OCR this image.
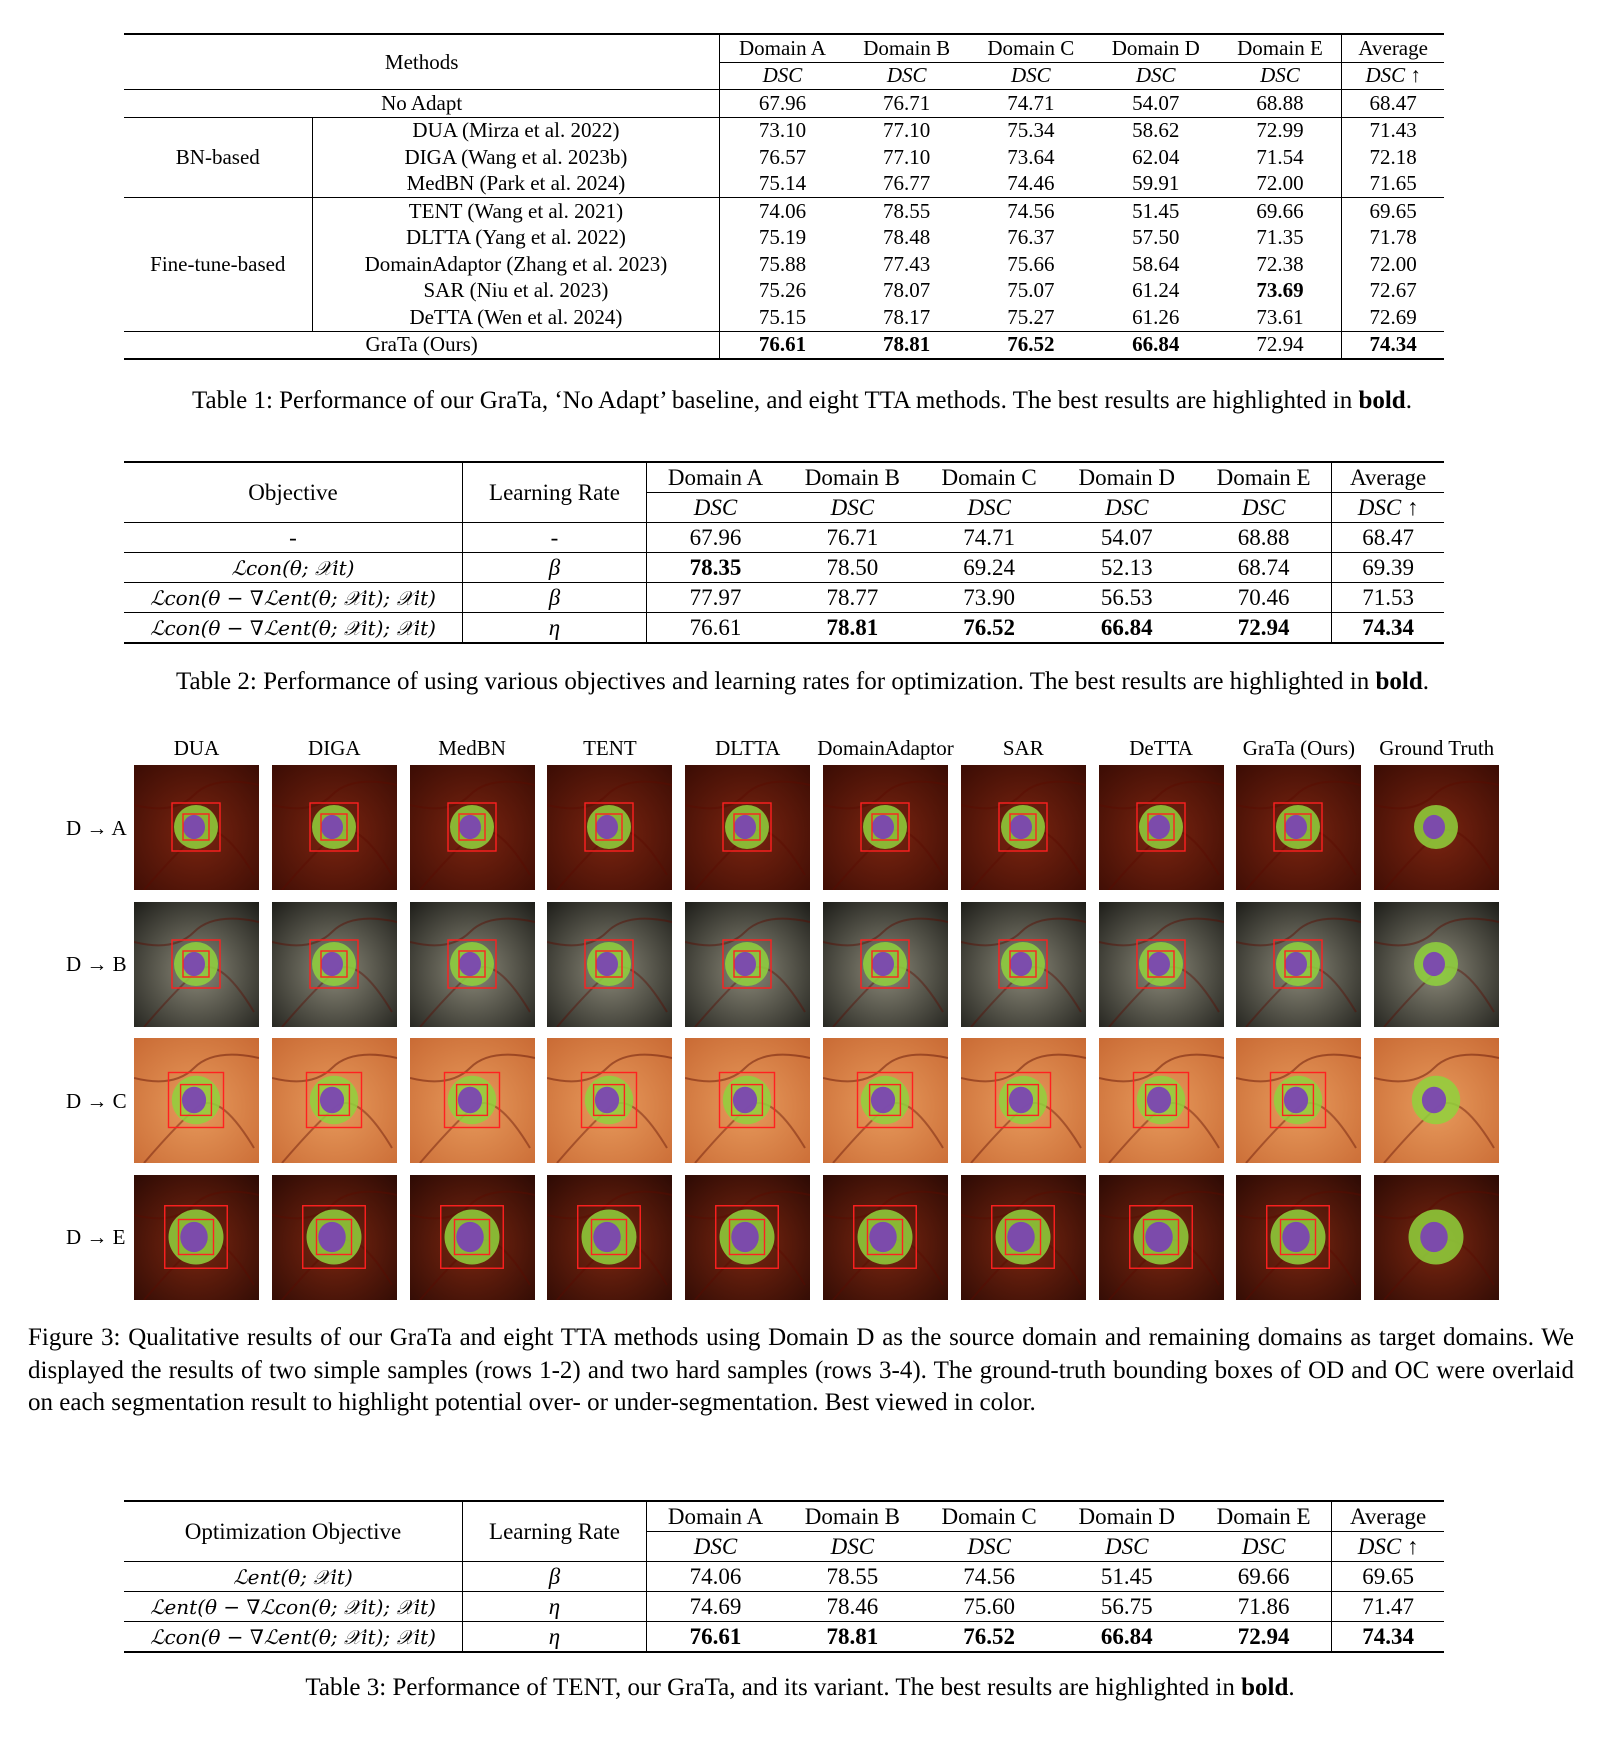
Methods		Domain A	Domain B	Domain C	Domain D	Domain E	Average
		DSC	DSC	DSC	DSC	DSC	DSC ↑
No Adapt		67.96	76.71	74.71	54.07	68.88	68.47
BN-based	DUA (Mirza et al. 2022)	73.10	77.10	75.34	58.62	72.99	71.43
	DIGA (Wang et al. 2023b)	76.57	77.10	73.64	62.04	71.54	72.18
	MedBN (Park et al. 2024)	75.14	76.77	74.46	59.91	72.00	71.65
Fine-tune-based	TENT (Wang et al. 2021)	74.06	78.55	74.56	51.45	69.66	69.65
	DLTTA (Yang et al. 2022)	75.19	78.48	76.37	57.50	71.35	71.78
	DomainAdaptor (Zhang et al. 2023)	75.88	77.43	75.66	58.64	72.38	72.00
	SAR (Niu et al. 2023)	75.26	78.07	75.07	61.24	73.69	72.67
	DeTTA (Wen et al. 2024)	75.15	78.17	75.27	61.26	73.61	72.69
GraTa (Ours)		76.61	78.81	76.52	66.84	72.94	74.34
Table 1: Performance of our GraTa, ‘No Adapt’ baseline, and eight TTA methods. The best results are highlighted in bold.
Objective	Learning Rate	Domain A	Domain B	Domain C	Domain D	Domain E	Average
		DSC	DSC	DSC	DSC	DSC	DSC ↑
-	-	67.96	76.71	74.71	54.07	68.88	68.47
ℒcon(θ; 𝒳it)	β	78.35	78.50	69.24	52.13	68.74	69.39
ℒcon(θ − ∇ℒent(θ; 𝒳it); 𝒳it)	β	77.97	78.77	73.90	56.53	70.46	71.53
ℒcon(θ − ∇ℒent(θ; 𝒳it); 𝒳it)	η	76.61	78.81	76.52	66.84	72.94	74.34
Table 2: Performance of using various objectives and learning rates for optimization. The best results are highlighted in bold.
DUA	DIGA	MedBN	TENT	DLTTA	DomainAdaptor	SAR	DeTTA	GraTa (Ours)	Ground Truth
D → A
D → B
D → C
D → E
Figure 3: Qualitative results of our GraTa and eight TTA methods using Domain D as the source domain and remaining domains as target domains. We displayed the results of two simple samples (rows 1-2) and two hard samples (rows 3-4). The ground-truth bounding boxes of OD and OC were overlaid on each segmentation result to highlight potential over- or under-segmentation. Best viewed in color.
Optimization Objective	Learning Rate	Domain A	Domain B	Domain C	Domain D	Domain E	Average
		DSC	DSC	DSC	DSC	DSC	DSC ↑
ℒent(θ; 𝒳it)	β	74.06	78.55	74.56	51.45	69.66	69.65
ℒent(θ − ∇ℒcon(θ; 𝒳it); 𝒳it)	η	74.69	78.46	75.60	56.75	71.86	71.47
ℒcon(θ − ∇ℒent(θ; 𝒳it); 𝒳it)	η	76.61	78.81	76.52	66.84	72.94	74.34
Table 3: Performance of TENT, our GraTa, and its variant. The best results are highlighted in bold.
